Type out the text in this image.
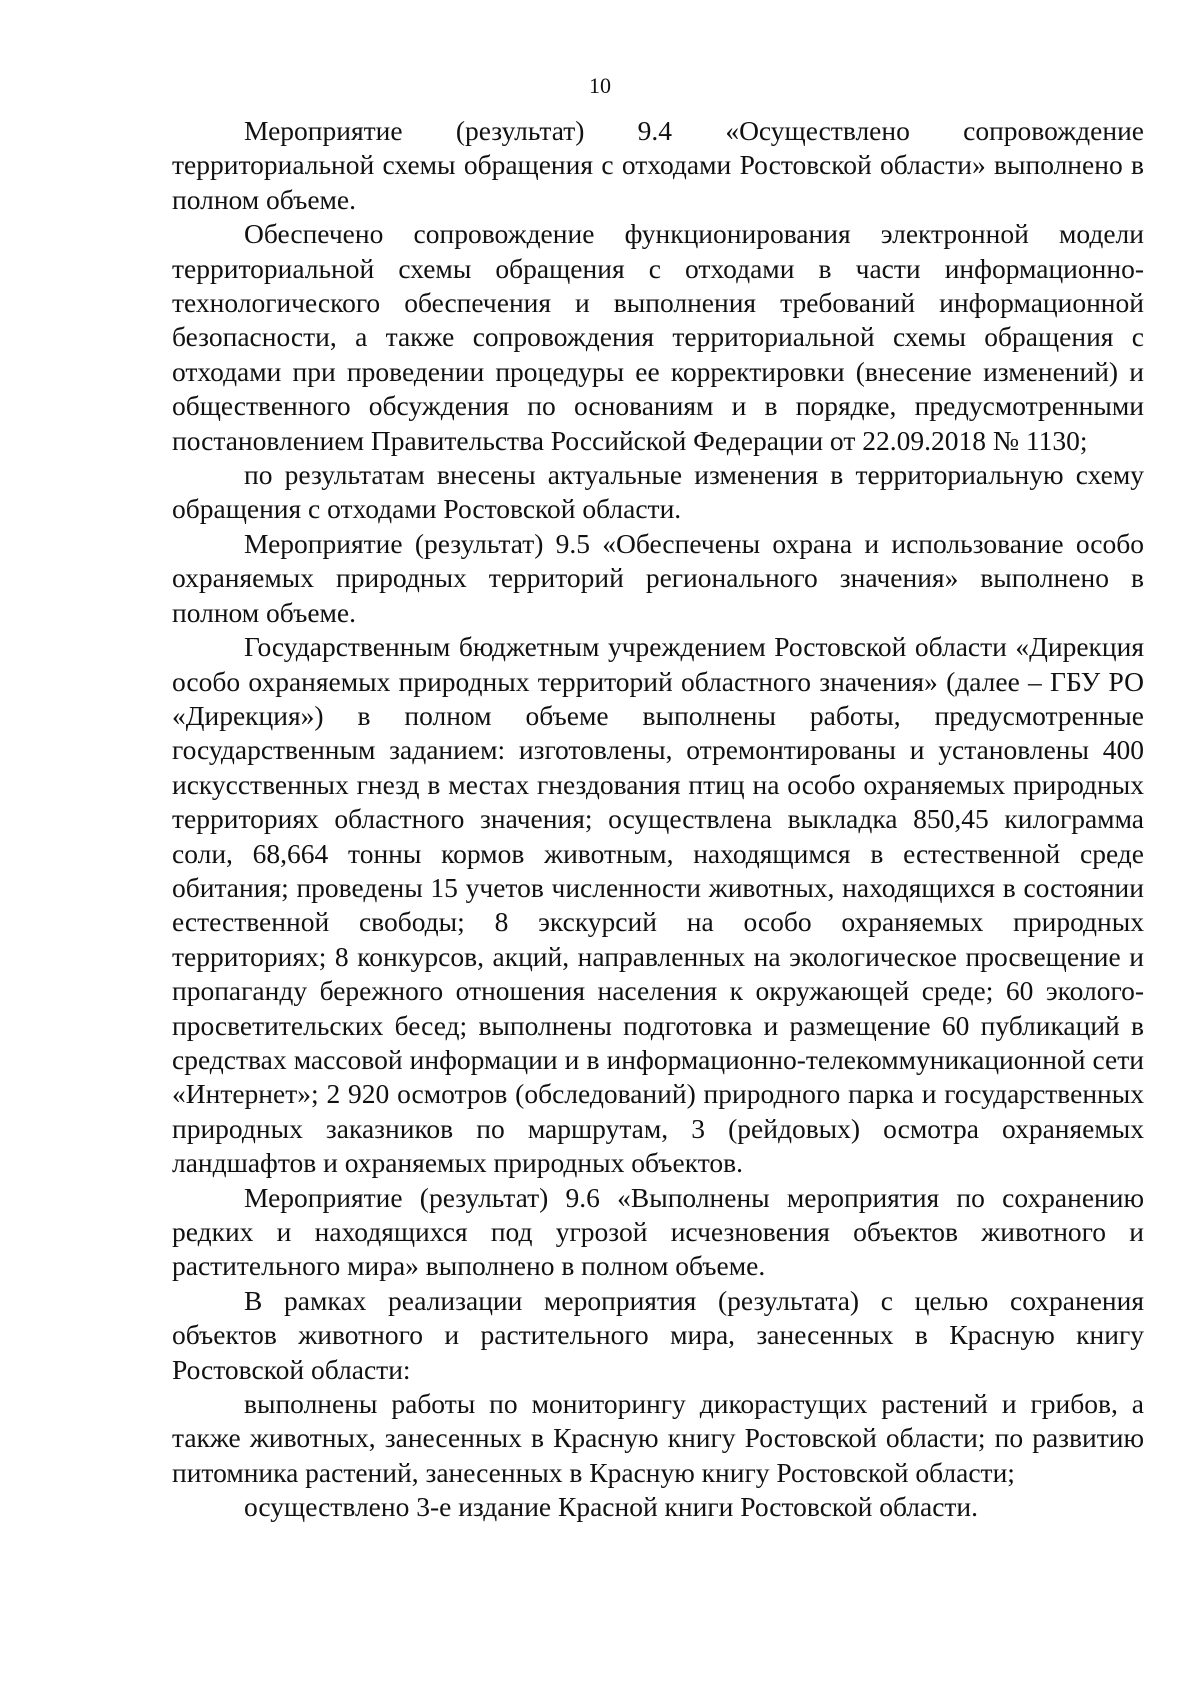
10

Мероприятие (результат) 9.4 «Осуществлено сопровождение территориальной схемы обращения с отходами Ростовской области» выполнено в полном объеме.

Обеспечено сопровождение функционирования электронной модели территориальной схемы обращения с отходами в части информационно-технологического обеспечения и выполнения требований информационной безопасности, а также сопровождения территориальной схемы обращения с отходами при проведении процедуры ее корректировки (внесение изменений) и общественного обсуждения по основаниям и в порядке, предусмотренными постановлением Правительства Российской Федерации от 22.09.2018 № 1130;

по результатам внесены актуальные изменения в территориальную схему обращения с отходами Ростовской области.

Мероприятие (результат) 9.5 «Обеспечены охрана и использование особо охраняемых природных территорий регионального значения» выполнено в полном объеме.

Государственным бюджетным учреждением Ростовской области «Дирекция особо охраняемых природных территорий областного значения» (далее – ГБУ РО «Дирекция») в полном объеме выполнены работы, предусмотренные государственным заданием: изготовлены, отремонтированы и установлены 400 искусственных гнезд в местах гнездования птиц на особо охраняемых природных территориях областного значения; осуществлена выкладка 850,45 килограмма соли, 68,664 тонны кормов животным, находящимся в естественной среде обитания; проведены 15 учетов численности животных, находящихся в состоянии естественной свободы; 8 экскурсий на особо охраняемых природных территориях; 8 конкурсов, акций, направленных на экологическое просвещение и пропаганду бережного отношения населения к окружающей среде; 60 эколого-просветительских бесед; выполнены подготовка и размещение 60 публикаций в средствах массовой информации и в информационно-телекоммуникационной сети «Интернет»; 2 920 осмотров (обследований) природного парка и государственных природных заказников по маршрутам, 3 (рейдовых) осмотра охраняемых ландшафтов и охраняемых природных объектов.

Мероприятие (результат) 9.6 «Выполнены мероприятия по сохранению редких и находящихся под угрозой исчезновения объектов животного и растительного мира» выполнено в полном объеме.

В рамках реализации мероприятия (результата) с целью сохранения объектов животного и растительного мира, занесенных в Красную книгу Ростовской области:

выполнены работы по мониторингу дикорастущих растений и грибов, а также животных, занесенных в Красную книгу Ростовской области; по развитию питомника растений, занесенных в Красную книгу Ростовской области;

осуществлено 3-е издание Красной книги Ростовской области.
